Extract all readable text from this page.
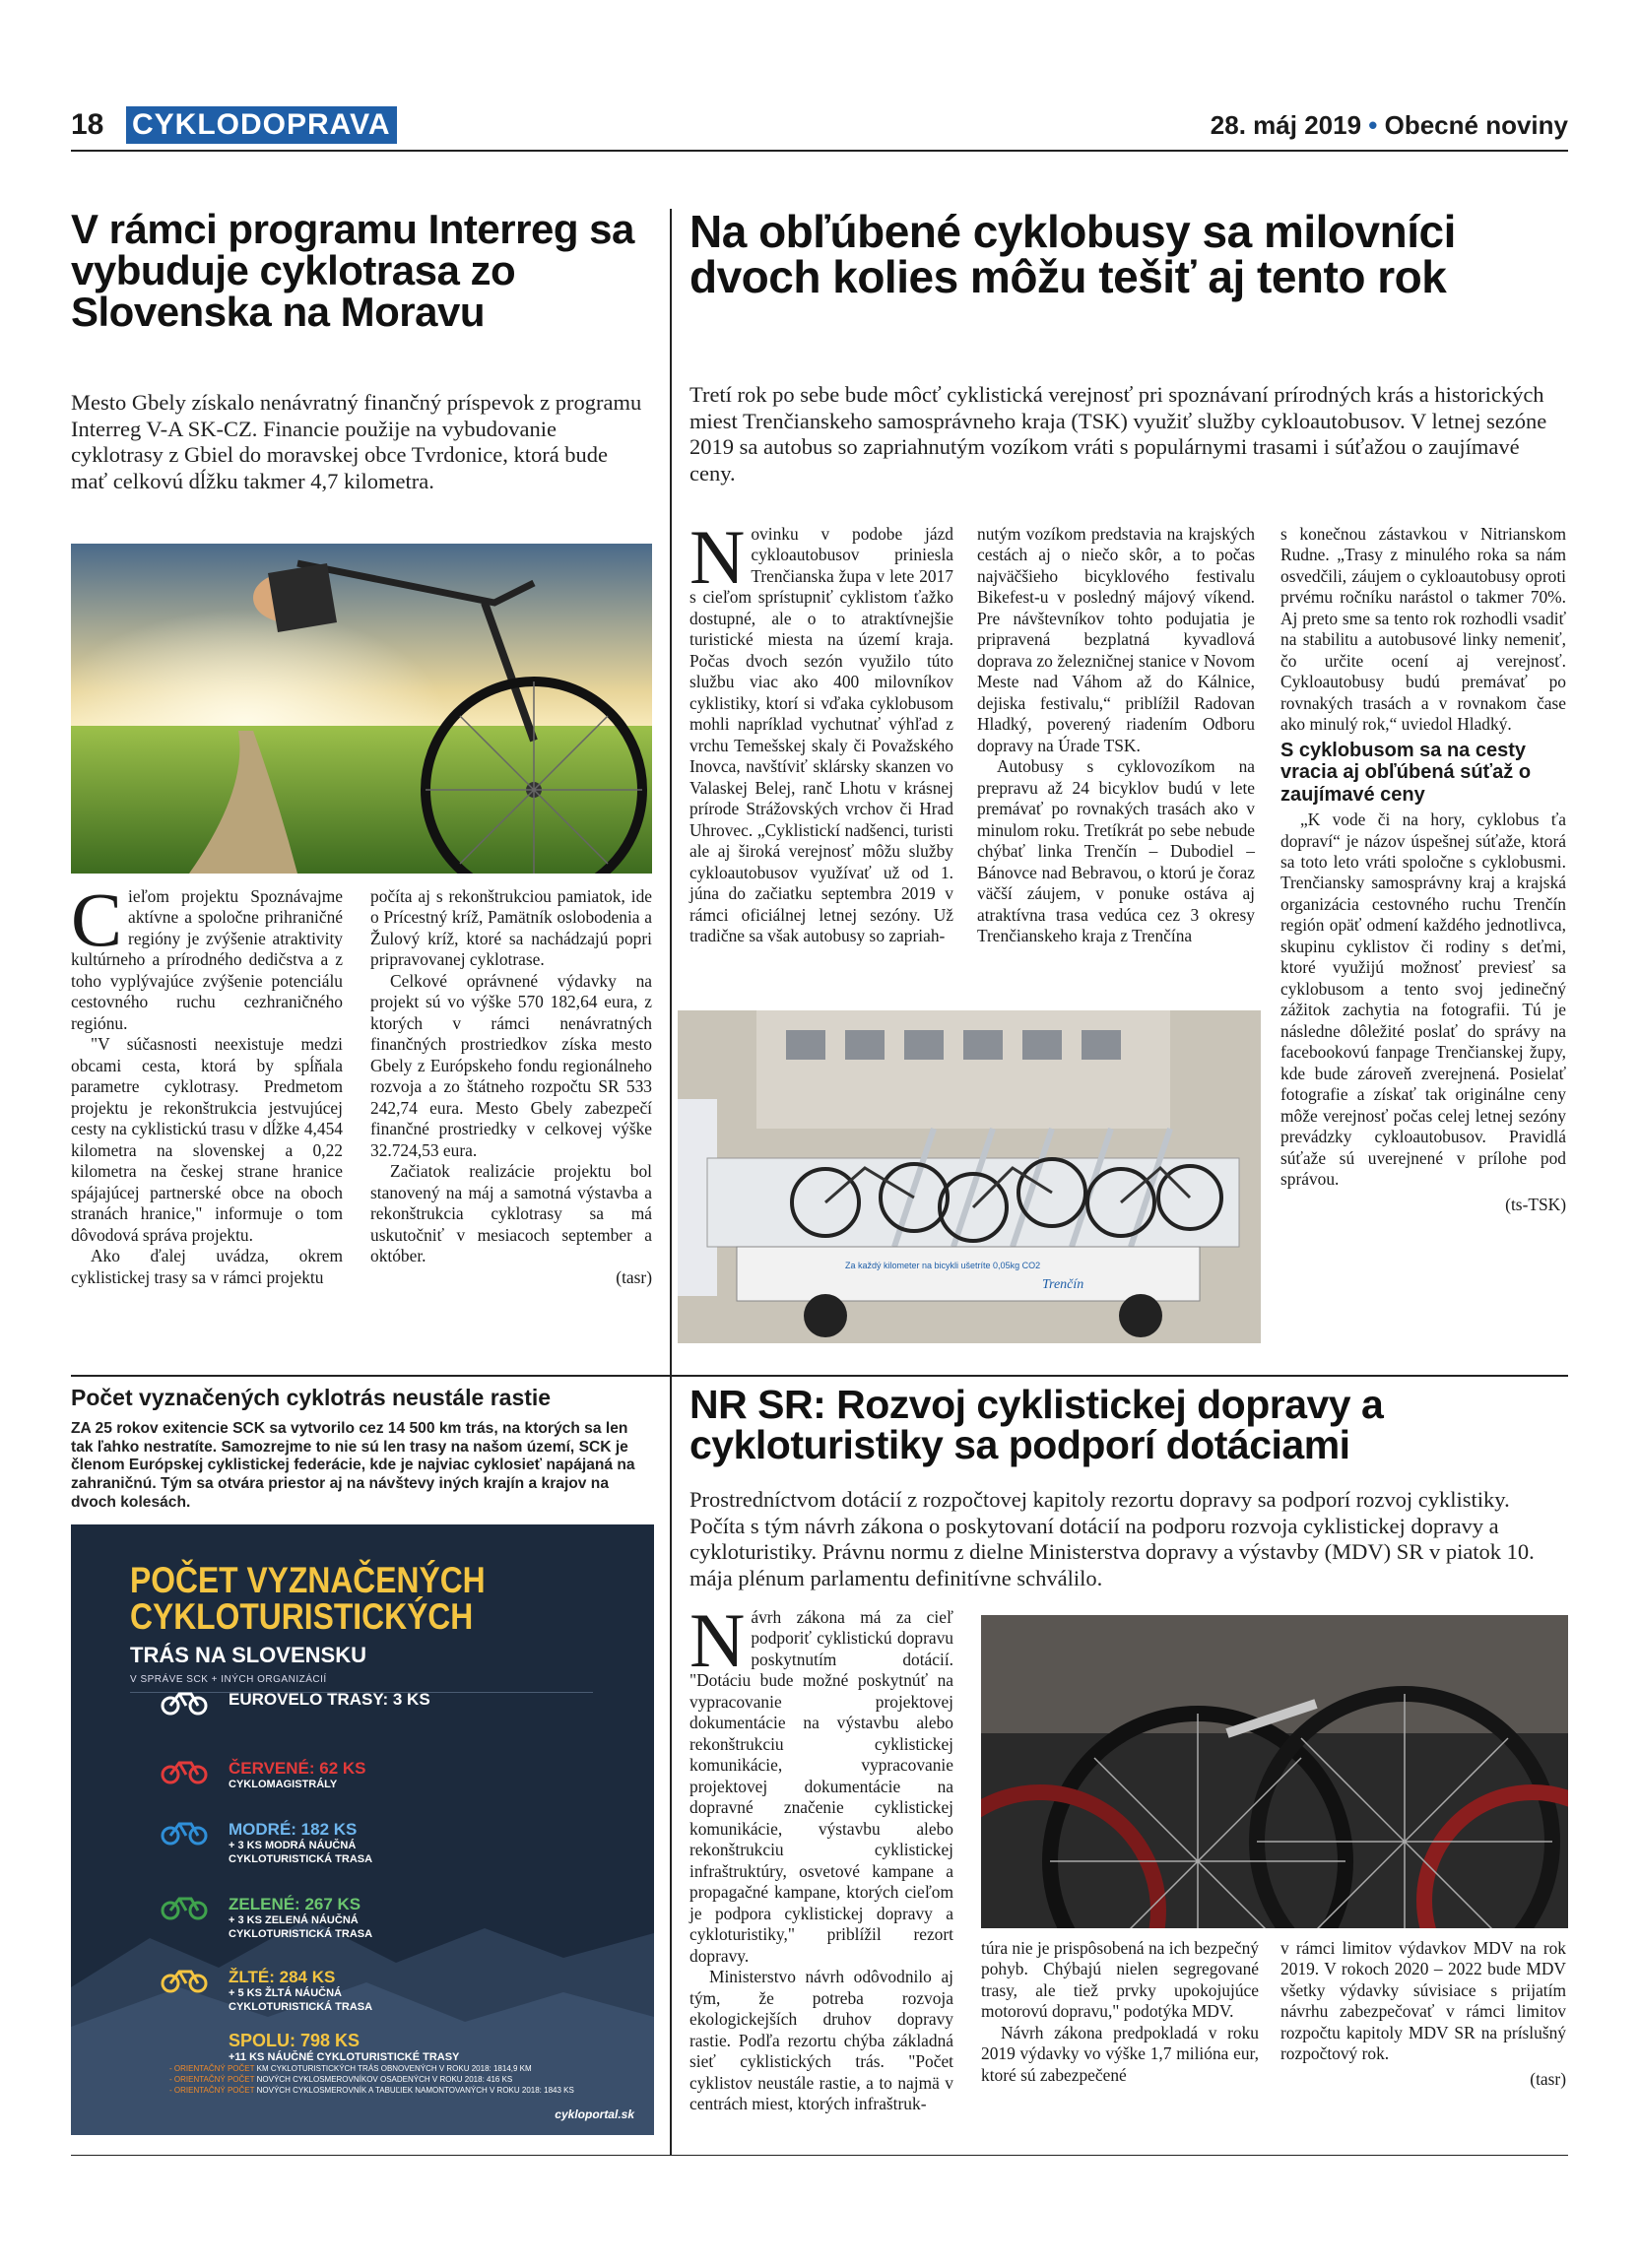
18 CYKLODOPRAVA	28. máj 2019 • Obecné noviny
V rámci programu Interreg sa vybuduje cyklotrasa zo Slovenska na Moravu
Mesto Gbely získalo nenávratný finančný príspevok z programu Interreg V-A SK-CZ. Financie použije na vybudovanie cyklotrasy z Gbiel do moravskej obce Tvrdonice, ktorá bude mať celkovú dĺžku takmer 4,7 kilometra.

Cieľom projektu Spoznávajme aktívne a spoločne prihraničné regióny je zvýšenie atraktivity kultúrneho a prírodného dedičstva a z toho vyplývajúce zvýšenie potenciálu cestovného ruchu cezhraničného regiónu.

"V súčasnosti neexistuje medzi obcami cesta, ktorá by spĺňala parametre cyklotrasy. Predmetom projektu je rekonštrukcia jestvujúcej cesty na cyklistickú trasu v dĺžke 4,454 kilometra na slovenskej a 0,22 kilometra na českej strane hranice spájajúcej partnerské obce na oboch stranách hranice," informuje o tom dôvodová správa projektu.

Ako ďalej uvádza, okrem cyklistickej trasy sa v rámci projektu

počíta aj s rekonštrukciou pamiatok, ide o Prícestný kríž, Pamätník oslobodenia a Žulový kríž, ktoré sa nachádzajú popri pripravovanej cyklotrase.

Celkové oprávnené výdavky na projekt sú vo výške 570 182,64 eura, z ktorých v rámci nenávratných finančných prostriedkov získa mesto Gbely z Európskeho fondu regionálneho rozvoja a zo štátneho rozpočtu SR 533 242,74 eura. Mesto Gbely zabezpečí finančné prostriedky v celkovej výške 32.724,53 eura.

Začiatok realizácie projektu bol stanovený na máj a samotná výstavba a rekonštrukcia cyklotrasy sa má uskutočniť v mesiacoch september a október.

(tasr)
Na obľúbené cyklobusy sa milovníci dvoch kolies môžu tešiť aj tento rok
Tretí rok po sebe bude môcť cyklistická verejnosť pri spoznávaní prírodných krás a historických miest Trenčianskeho samosprávneho kraja (TSK) využiť služby cykloautobusov. V letnej sezóne 2019 sa autobus so zapriahnutým vozíkom vráti s populárnymi trasami i súťažou o zaujímavé ceny.

Novinku v podobe jázd cykloautobusov priniesla Trenčianska župa v lete 2017 s cieľom sprístupniť cyklistom ťažko dostupné, ale o to atraktívnejšie turistické miesta na území kraja. Počas dvoch sezón využilo túto službu viac ako 400 milovníkov cyklistiky, ktorí si vďaka cyklobusom mohli napríklad vychutnať výhľad z vrchu Temešskej skaly či Považského Inovca, navštíviť sklársky skanzen vo Valaskej Belej, ranč Lhotu v krásnej prírode Strážovských vrchov či Hrad Uhrovec. „Cyklistickí nadšenci, turisti ale aj široká verejnosť môžu služby cykloautobusov využívať už od 1. júna do začiatku septembra 2019 v rámci oficiálnej letnej sezóny. Už tradične sa však autobusy so zapriah-

nutým vozíkom predstavia na krajských cestách aj o niečo skôr, a to počas najväčšieho bicyklového festivalu Bikefest-u v posledný májový víkend. Pre návštevníkov tohto podujatia je pripravená bezplatná kyvadlová doprava zo železničnej stanice v Novom Meste nad Váhom až do Kálnice, dejiska festivalu,“ priblížil Radovan Hladký, poverený riadením Odboru dopravy na Úrade TSK.

Autobusy s cyklovozíkom na prepravu až 24 bicyklov budú v lete premávať po rovnakých trasách ako v minulom roku. Tretíkrát po sebe nebude chýbať linka Trenčín – Dubodiel – Bánovce nad Bebravou, o ktorú je čoraz väčší záujem, v ponuke ostáva aj atraktívna trasa vedúca cez 3 okresy Trenčianskeho kraja z Trenčína

s konečnou zástavkou v Nitrianskom Rudne. „Trasy z minulého roka sa nám osvedčili, záujem o cykloautobusy oproti prvému ročníku narástol o takmer 70%. Aj preto sme sa tento rok rozhodli vsadiť na stabilitu a autobusové linky nemeniť, čo určite ocení aj verejnosť. Cykloautobusy budú premávať po rovnakých trasách a v rovnakom čase ako minulý rok,“ uviedol Hladký.

S cyklobusom sa na cesty vracia aj obľúbená súťaž o zaujímavé ceny

„K vode či na hory, cyklobus ťa dopraví“ je názov úspešnej súťaže, ktorá sa toto leto vráti spoločne s cyklobusmi. Trenčiansky samosprávny kraj a krajská organizácia cestovného ruchu Trenčín región opäť odmení každého jednotlivca, skupinu cyklistov či rodiny s deťmi, ktoré využijú možnosť previesť sa cyklobusom a tento svoj jedinečný zážitok zachytia na fotografii. Tú je následne dôležité poslať do správy na facebookovú fanpage Trenčianskej župy, kde bude zároveň zverejnená. Posielať fotografie a získať tak originálne ceny môže verejnosť počas celej letnej sezóny prevádzky cykloautobusov. Pravidlá súťaže sú uverejnené v prílohe pod správou.

(ts-TSK)
Za každý kilometer na bicykli ušetríte 0,05kg CO2
Trenčín
Počet vyznačených cyklotrás neustále rastie
ZA 25 rokov exitencie SCK sa vytvorilo cez 14 500 km trás, na ktorých sa len tak ľahko nestratíte. Samozrejme to nie sú len trasy na našom území, SCK je členom Európskej cyklistickej federácie, kde je najviac cyklosieť napájaná na zahraničnú. Tým sa otvára priestor aj na návštevy iných krajín a krajov na dvoch kolesách.
POČET VYZNAČENÝCH
CYKLOTURISTICKÝCH
TRÁS NA SLOVENSKU
V SPRÁVE SCK + INÝCH ORGANIZÁCIÍ
EUROVELO TRASY: 3 KS
ČERVENÉ: 62 KS
CYKLOMAGISTRÁLY
MODRÉ: 182 KS
+ 3 KS MODRÁ NÁUČNÁ
CYKLOTURISTICKÁ TRASA
ZELENÉ: 267 KS
+ 3 KS ZELENÁ NÁUČNÁ
CYKLOTURISTICKÁ TRASA
ŽLTÉ: 284 KS
+ 5 KS ŽLTÁ NÁUČNÁ
CYKLOTURISTICKÁ TRASA
SPOLU: 798 KS
+11 KS NÁUČNÉ CYKLOTURISTICKÉ TRASY
- ORIENTAČNÝ POČET KM CYKLOTURISTICKÝCH TRÁS OBNOVENÝCH V ROKU 2018: 1814,9 KM
- ORIENTAČNÝ POČET NOVÝCH CYKLOSMEROVNÍKOV OSADENÝCH V ROKU 2018: 416 KS
- ORIENTAČNÝ POČET NOVÝCH CYKLOSMEROVNÍK A TABUĽIEK NAMONTOVANÝCH V ROKU 2018: 1843 KS
cykloportal.sk
NR SR: Rozvoj cyklistickej dopravy a cykloturistiky sa podporí dotáciami
Prostredníctvom dotácií z rozpočtovej kapitoly rezortu dopravy sa podporí rozvoj cyklistiky. Počíta s tým návrh zákona o poskytovaní dotácií na podporu rozvoja cyklistickej dopravy a cykloturistiky. Právnu normu z dielne Ministerstva dopravy a výstavby (MDV) SR v piatok 10. mája plénum parlamentu definitívne schválilo.

Návrh zákona má za cieľ podporiť cyklistickú dopravu poskytnutím dotácií. "Dotáciu bude možné poskytnúť na vypracovanie projektovej dokumentácie na výstavbu alebo rekonštrukciu cyklistickej komunikácie, vypracovanie projektovej dokumentácie na dopravné značenie cyklistickej komunikácie, výstavbu alebo rekonštrukciu cyklistickej infraštruktúry, osvetové kampane a propagačné kampane, ktorých cieľom je podpora cyklistickej dopravy a cykloturistiky," priblížil rezort dopravy.

Ministerstvo návrh odôvodnilo aj tým, že potreba rozvoja ekologickejších druhov dopravy rastie. Podľa rezortu chýba základná sieť cyklistických trás. "Počet cyklistov neustále rastie, a to najmä v centrách miest, ktorých infraštruk-

túra nie je prispôsobená na ich bezpečný pohyb. Chýbajú nielen segregované trasy, ale tiež prvky upokojujúce motorovú dopravu," podotýka MDV.

Návrh zákona predpokladá v roku 2019 výdavky vo výške 1,7 milióna eur, ktoré sú zabezpečené

v rámci limitov výdavkov MDV na rok 2019. V rokoch 2020 – 2022 bude MDV všetky výdavky súvisiace s prijatím návrhu zabezpečovať v rámci limitov rozpočtu kapitoly MDV SR na príslušný rozpočtový rok.

(tasr)
